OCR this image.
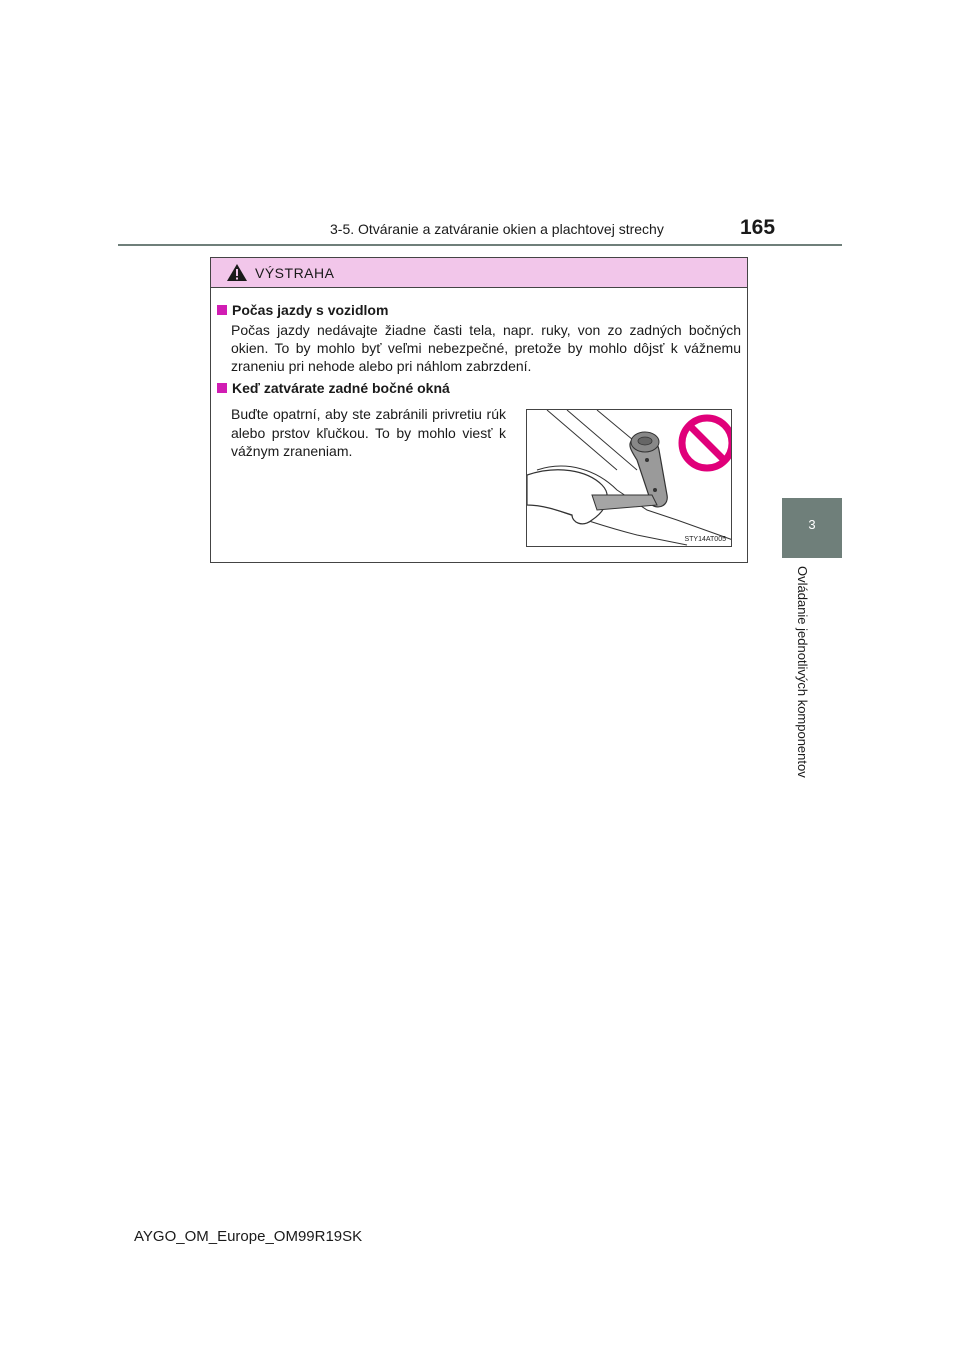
3-5. Otváranie a zatváranie okien a plachtovej strechy	165
3
Ovládanie jednotlivých komponentov
VÝSTRAHA
Počas jazdy s vozidlom
Počas jazdy nedávajte žiadne časti tela, napr. ruky, von zo zadných bočných okien. To by mohlo byť veľmi nebezpečné, pretože by mohlo dôjsť k vážnemu zraneniu pri nehode alebo pri náhlom zabrzdení.
Keď zatvárate zadné bočné okná
Buďte opatrní, aby ste zabránili privretiu rúk alebo prstov kľučkou. To by mohlo viesť k vážnym zraneniam.
STY14AT005
AYGO_OM_Europe_OM99R19SK
